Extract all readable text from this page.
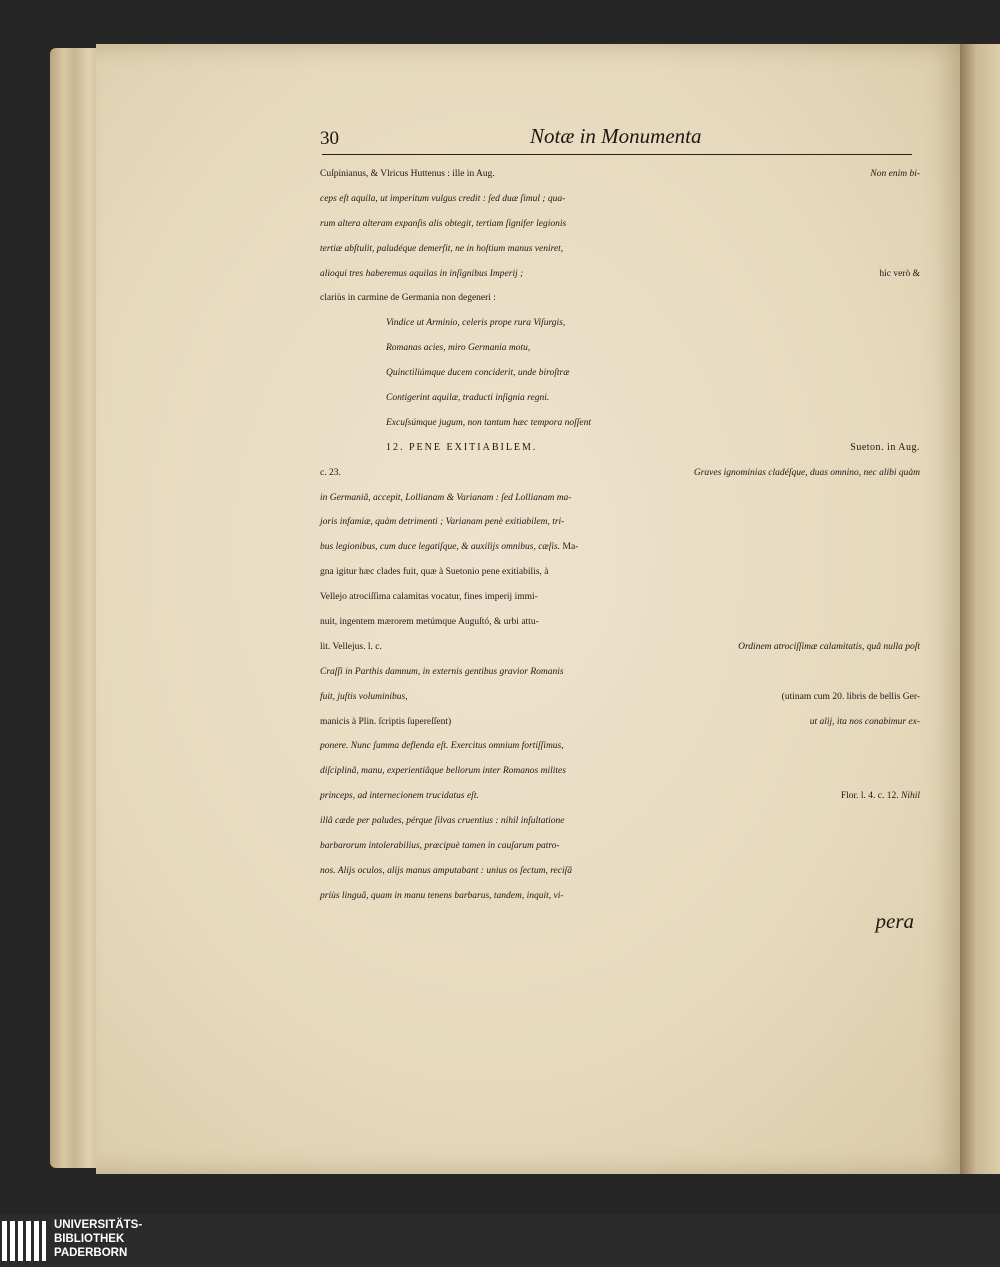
30	Notæ in Monumenta
Cuſpinianus, & Vlricus Huttenus : ille in Aug.	Non enim bi-
ceps eſt aquila, ut imperitum vulgus credit : ſed duæ ſimul ; qua-
rum altera alteram expanſis alis obtegit, tertiam ſignifer legionis
tertiæ abſtulit, paludéque demerſit, ne in hoſtium manus veniret,
alioqui tres haberemus aquilas in inſignibus Imperij ;	hic verò &
clariùs in carmine de Germania non degeneri :
Vindice ut Arminio, celeris prope rura Viſurgis,
Romanas acies, miro Germania motu,
Quinctiliúmque ducem conciderit, unde biroſtræ
Contigerint aquilæ, traducti inſignia regni.
Excuſsúmque jugum, non tantum hæc tempora noſſent
12. PENE EXITIABILEM.	Sueton. in Aug.
c. 23.	Graves ignominias cladéſque, duas omnino, nec alibi quàm
in Germaniâ, accepit, Lollianam & Varianam : ſed Lollianam ma-
joris infamiæ, quàm detrimenti ; Varianam penè exitiabilem, tri-
bus legionibus, cum duce legatiſque, & auxilijs omnibus, cæſis. Ma-
gna igitur hæc clades fuit, quæ à Suetonio pene exitiabilis, à
Vellejo atrociſſima calamitas vocatur, fines imperij immi-
nuit, ingentem mærorem metúmque Auguſtó, & urbi attu-
lit. Vellejus. l. c.	Ordinem atrociſſimæ calamitatis, quâ nulla poſt
Craſſi in Parthis damnum, in externis gentibus gravior Romanis
fuit, juſtis voluminibus,	(utinam cum 20. libris de bellis Ger-
manicis à Plin. ſcriptis ſupereſſent)	ut alij, ita nos conabimur ex-
ponere. Nunc ſumma deflenda eſt. Exercitus omnium fortiſſimus,
diſciplinâ, manu, experientiâque bellorum inter Romanos milites
princeps, ad internecionem trucidatus eſt.	Flor. l. 4. c. 12. Nihil
illâ cæde per paludes, pérque ſilvas cruentius : nihil inſultatione
barbarorum intolerabilius, præcipuè tamen in cauſarum patro-
nos. Alijs oculos, alijs manus amputabant : unius os ſectum, reciſâ
priùs linguâ, quam in manu tenens barbarus, tandem, inquit, vi-
pera
UNIVERSITÄTS-
BIBLIOTHEK
PADERBORN
